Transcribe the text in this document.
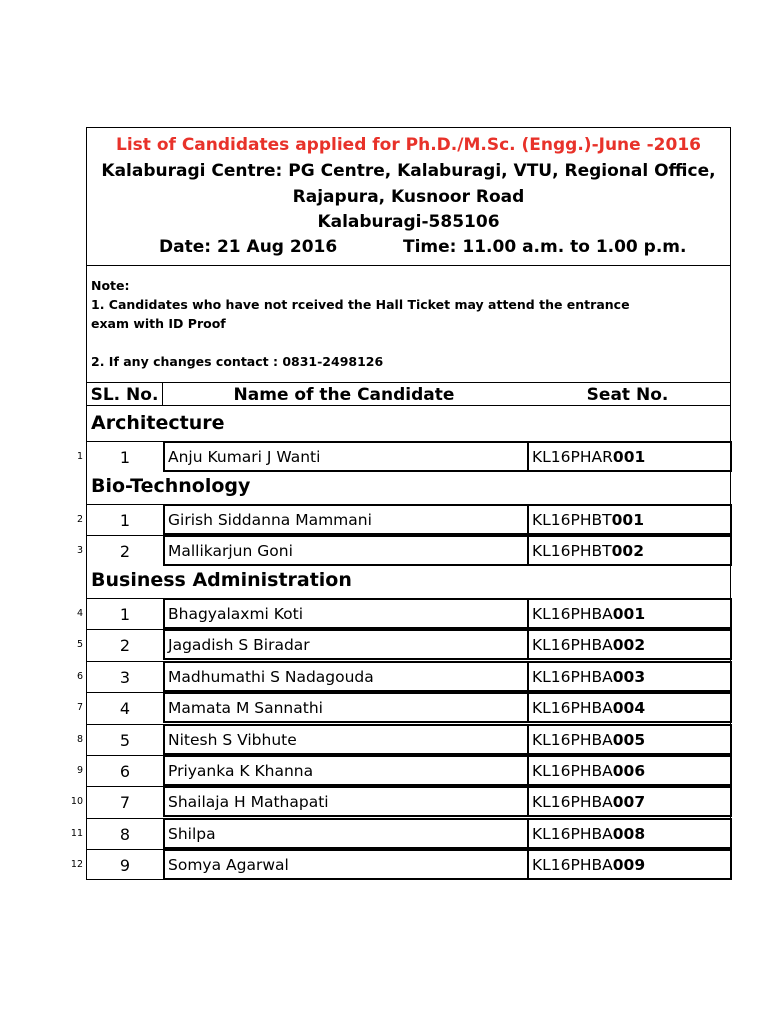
List of Candidates applied for Ph.D./M.Sc. (Engg.)-June -2016
Kalaburagi Centre: PG Centre, Kalaburagi, VTU, Regional Office,
Rajapura, Kusnoor Road
Kalaburagi-585106
Date: 21 Aug 2016	Time: 11.00 a.m. to 1.00 p.m.
Note:
1. Candidates who have not rceived the Hall Ticket may attend the entrance
exam with ID Proof
2. If any changes contact : 0831-2498126
SL. No.	Name of the Candidate	Seat No.
Architecture
1	Anju Kumari J Wanti	KL16PHAR001
Bio-Technology
1	Girish Siddanna Mammani	KL16PHBT001
2	Mallikarjun Goni	KL16PHBT002
Business Administration
1	Bhagyalaxmi Koti	KL16PHBA001
2	Jagadish S Biradar	KL16PHBA002
3	Madhumathi S Nadagouda	KL16PHBA003
4	Mamata M Sannathi	KL16PHBA004
5	Nitesh S Vibhute	KL16PHBA005
6	Priyanka K Khanna	KL16PHBA006
7	Shailaja H Mathapati	KL16PHBA007
8	Shilpa	KL16PHBA008
9	Somya Agarwal	KL16PHBA009
1
2
3
4
5
6
7
8
9
10
11
12
